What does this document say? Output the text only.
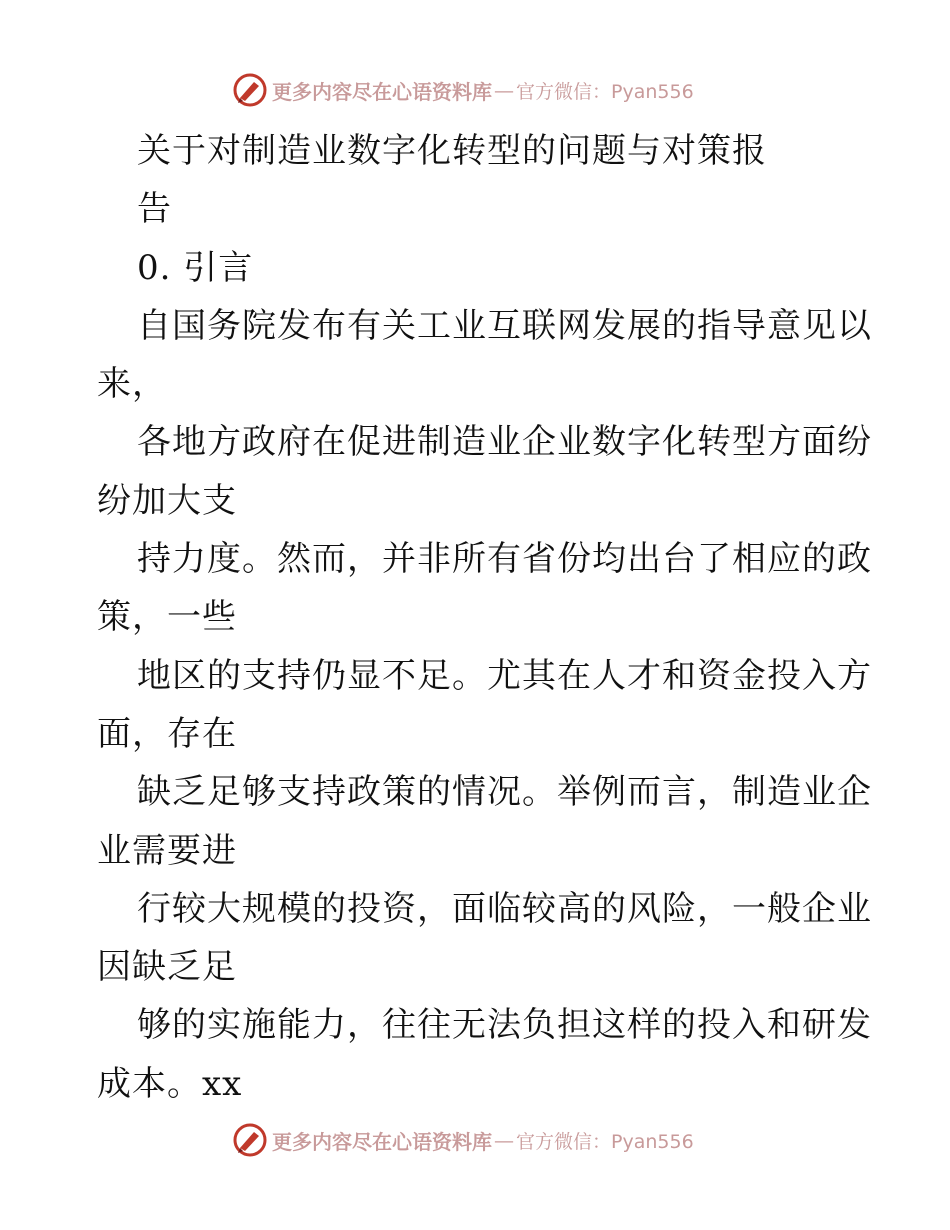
更多内容尽在心语资料库 — 官方微信：Pyan556
关于对制造业数字化转型的问题与对策报
告
0. 引言
自国务院发布有关工业互联网发展的指导意见以
来，
各地方政府在促进制造业企业数字化转型方面纷
纷加大支
持力度。然而，并非所有省份均出台了相应的政
策，一些
地区的支持仍显不足。尤其在人才和资金投入方
面，存在
缺乏足够支持政策的情况。举例而言，制造业企
业需要进
行较大规模的投资，面临较高的风险，一般企业
因缺乏足
够的实施能力，往往无法负担这样的投入和研发
成本。xx
更多内容尽在心语资料库 — 官方微信：Pyan556
